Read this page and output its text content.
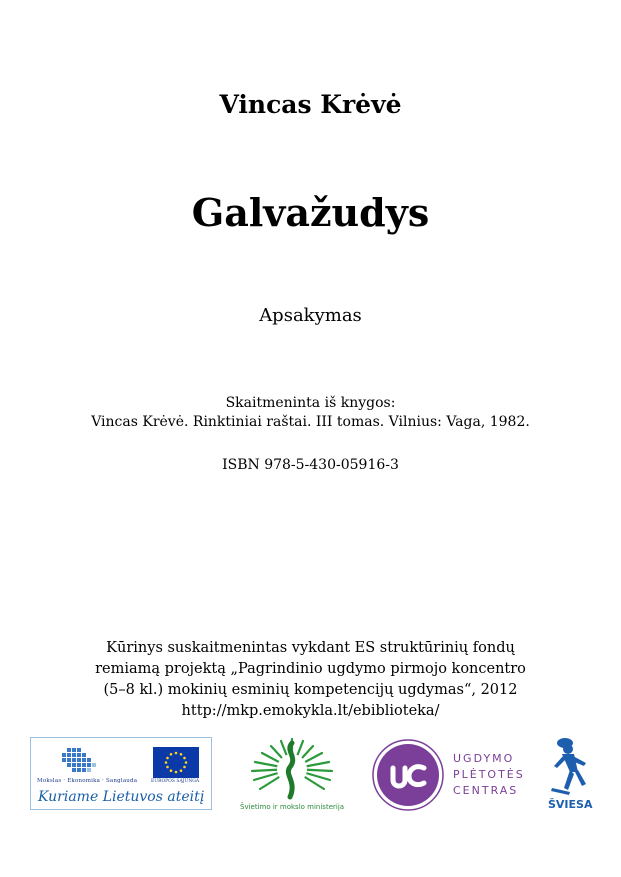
Vincas Krėvė
Galvažudys
Apsakymas
Skaitmeninta iš knygos:
Vincas Krėvė. Rinktiniai raštai. III tomas. Vilnius: Vaga, 1982.
ISBN 978-5-430-05916-3
Kūrinys suskaitmenintas vykdant ES struktūrinių fondų
remiamą projektą „Pagrindinio ugdymo pirmojo koncentro
(5–8 kl.) mokinių esminių kompetencijų ugdymas“, 2012
http://mkp.emokykla.lt/ebiblioteka/
Mokslas · Ekonomika · Sanglauda	EUROPOS SĄJUNGA
Kuriame Lietuvos ateitį
Švietimo ir mokslo ministerija
UGDYMO
PLĖTOTĖS
CENTRAS
ŠVIESA
